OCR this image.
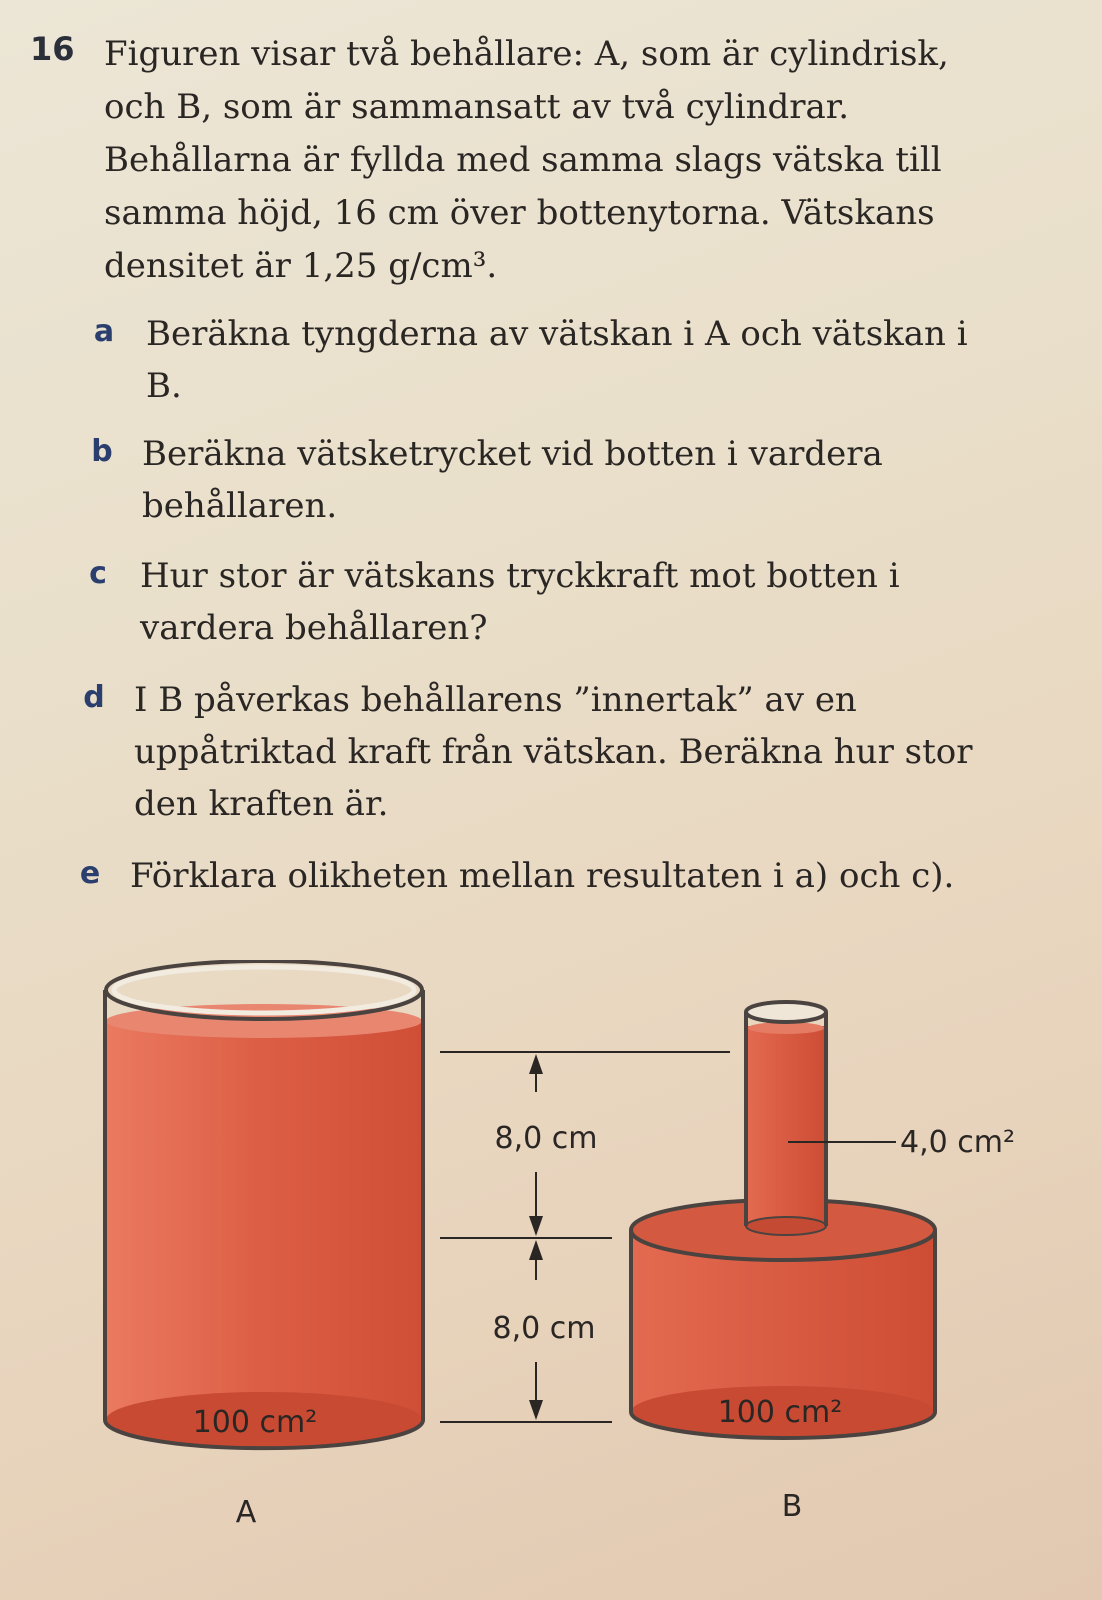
16 Figuren visar två behållare: A, som är cylindrisk, och B, som är sammansatt av två cylindrar. Behållarna är fyllda med samma slags vätska till samma höjd, 16 cm över bottenytorna. Vätskans densitet är 1,25 g/cm³.

a Beräkna tyngderna av vätskan i A och vätskan i B.
b Beräkna vätsketrycket vid botten i vardera behållaren.
c Hur stor är vätskans tryckkraft mot botten i vardera behållaren?
d I B påverkas behållarens ”innertak” av en uppåtriktad kraft från vätskan. Beräkna hur stor den kraften är.
e Förklara olikheten mellan resultaten i a) och c).
100 cm²
A
8,0 cm
8,0 cm
4,0 cm²
100 cm²
B
